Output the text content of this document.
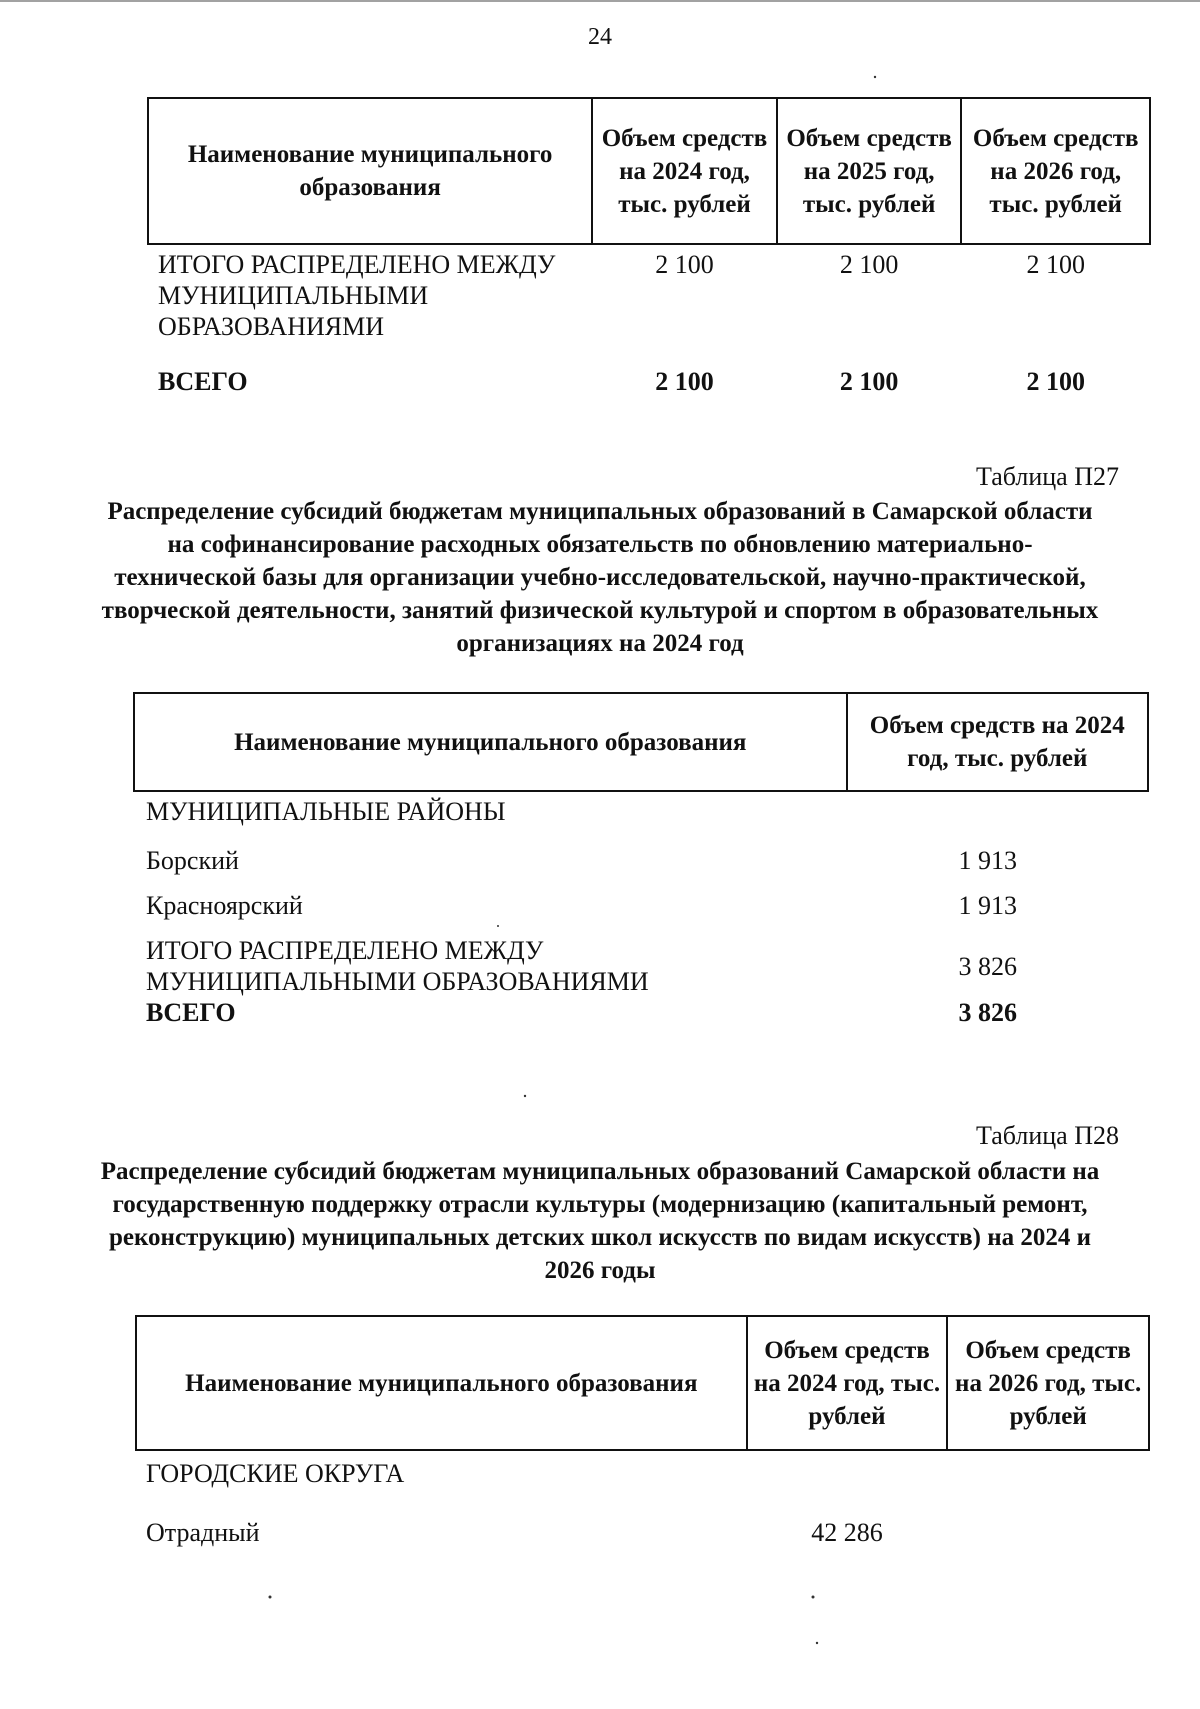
24
Наименование муниципального образования	Объем средств на 2024 год, тыс. рублей	Объем средств на 2025 год, тыс. рублей	Объем средств на 2026 год, тыс. рублей
ИТОГО РАСПРЕДЕЛЕНО МЕЖДУ МУНИЦИПАЛЬНЫМИ ОБРАЗОВАНИЯМИ	2 100	2 100	2 100
ВСЕГО	2 100	2 100	2 100
Таблица П27
Распределение субсидий бюджетам муниципальных образований в Самарской области на софинансирование расходных обязательств по обновлению материально-технической базы для организации учебно-исследовательской, научно-практической, творческой деятельности, занятий физической культурой и спортом в образовательных организациях на 2024 год
Наименование муниципального образования	Объем средств на 2024 год, тыс. рублей
МУНИЦИПАЛЬНЫЕ РАЙОНЫ	
Борский	1 913
Красноярский	1 913
ИТОГО РАСПРЕДЕЛЕНО МЕЖДУ МУНИЦИПАЛЬНЫМИ ОБРАЗОВАНИЯМИ	3 826
ВСЕГО	3 826
Таблица П28
Распределение субсидий бюджетам муниципальных образований Самарской области на государственную поддержку отрасли культуры (модернизацию (капитальный ремонт, реконструкцию) муниципальных детских школ искусств по видам искусств) на 2024 и 2026 годы
Наименование муниципального образования	Объем средств на 2024 год, тыс. рублей	Объем средств на 2026 год, тыс. рублей
ГОРОДСКИЕ ОКРУГА		
Отрадный	42 286	
